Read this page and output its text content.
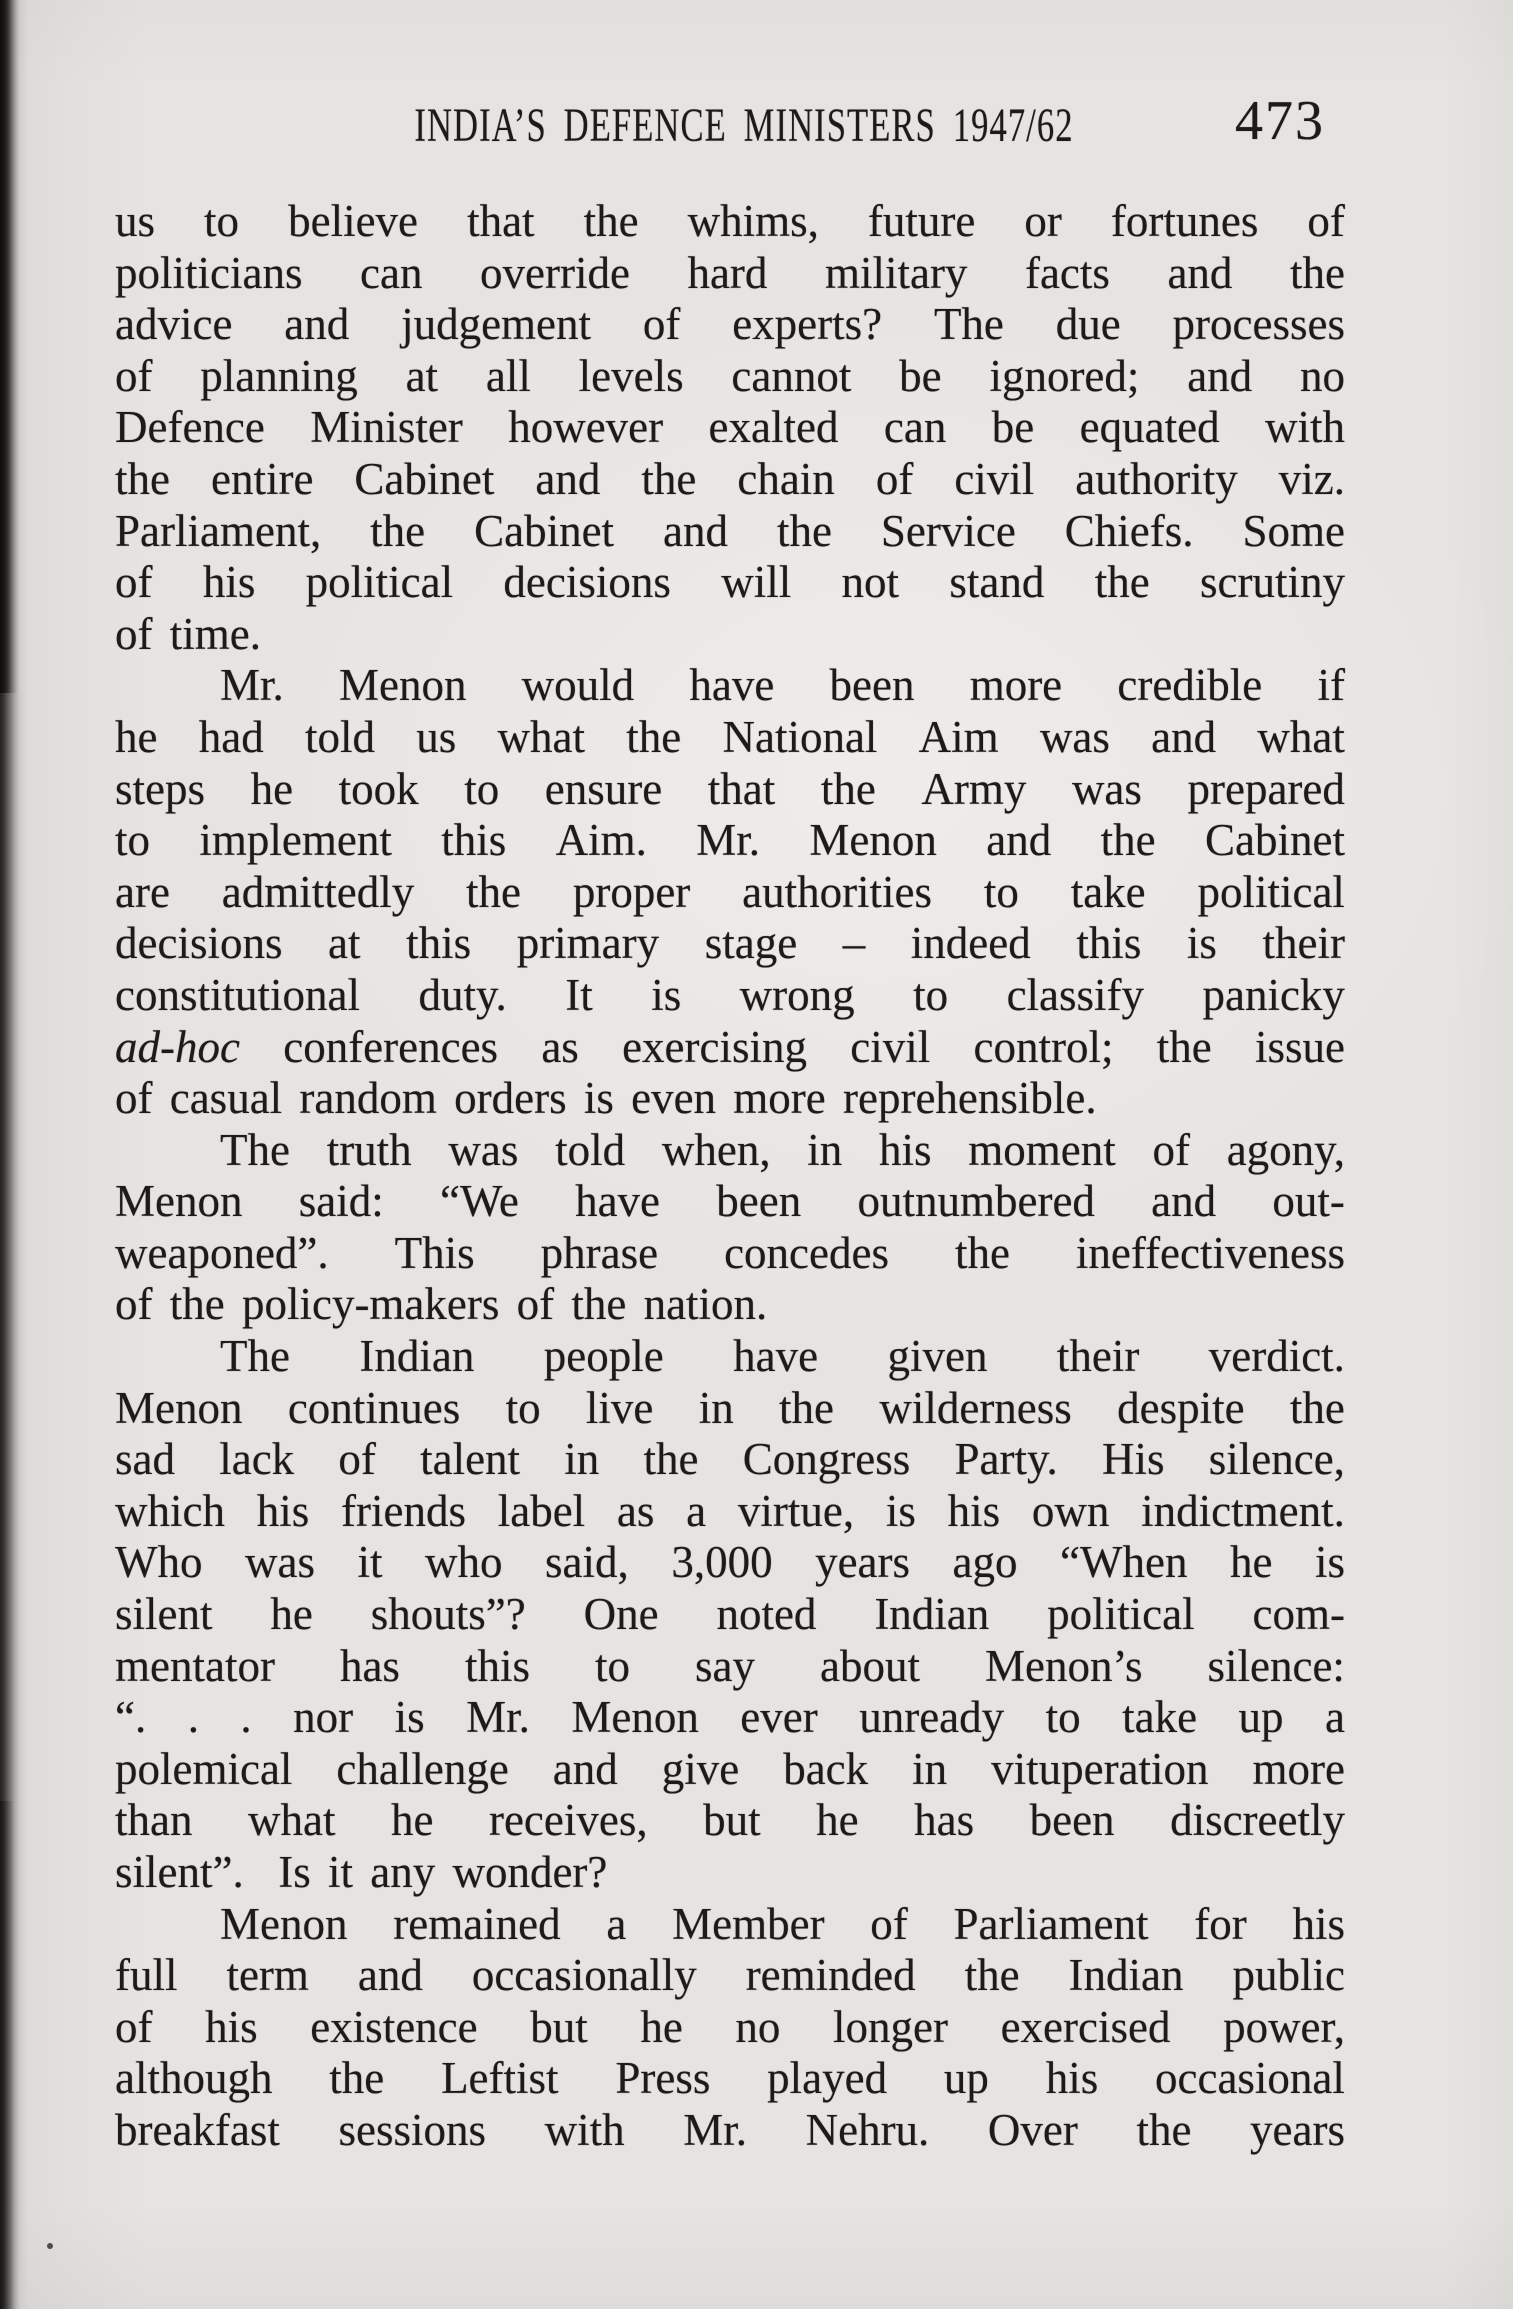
INDIA’S DEFENCE MINISTERS 1947/62	473
us to believe that the whims, future or fortunes of
politicians can override hard military facts and the
advice and judgement of experts? The due processes
of planning at all levels cannot be ignored; and no
Defence Minister however exalted can be equated with
the entire Cabinet and the chain of civil authority viz.
Parliament, the Cabinet and the Service Chiefs. Some
of his political decisions will not stand the scrutiny
of time.
Mr. Menon would have been more credible if
he had told us what the National Aim was and what
steps he took to ensure that the Army was prepared
to implement this Aim. Mr. Menon and the Cabinet
are admittedly the proper authorities to take political
decisions at this primary stage – indeed this is their
constitutional duty. It is wrong to classify panicky
ad-hoc conferences as exercising civil control; the issue
of casual random orders is even more reprehensible.
The truth was told when, in his moment of agony,
Menon said: “We have been outnumbered and out-
weaponed”. This phrase concedes the ineffectiveness
of the policy-makers of the nation.
The Indian people have given their verdict.
Menon continues to live in the wilderness despite the
sad lack of talent in the Congress Party. His silence,
which his friends label as a virtue, is his own indictment.
Who was it who said, 3,000 years ago “When he is
silent he shouts”? One noted Indian political com-
mentator has this to say about Menon’s silence:
“. . . nor is Mr. Menon ever unready to take up a
polemical challenge and give back in vituperation more
than what he receives, but he has been discreetly
silent”.  Is it any wonder?
Menon remained a Member of Parliament for his
full term and occasionally reminded the Indian public
of his existence but he no longer exercised power,
although the Leftist Press played up his occasional
breakfast sessions with Mr. Nehru. Over the years
